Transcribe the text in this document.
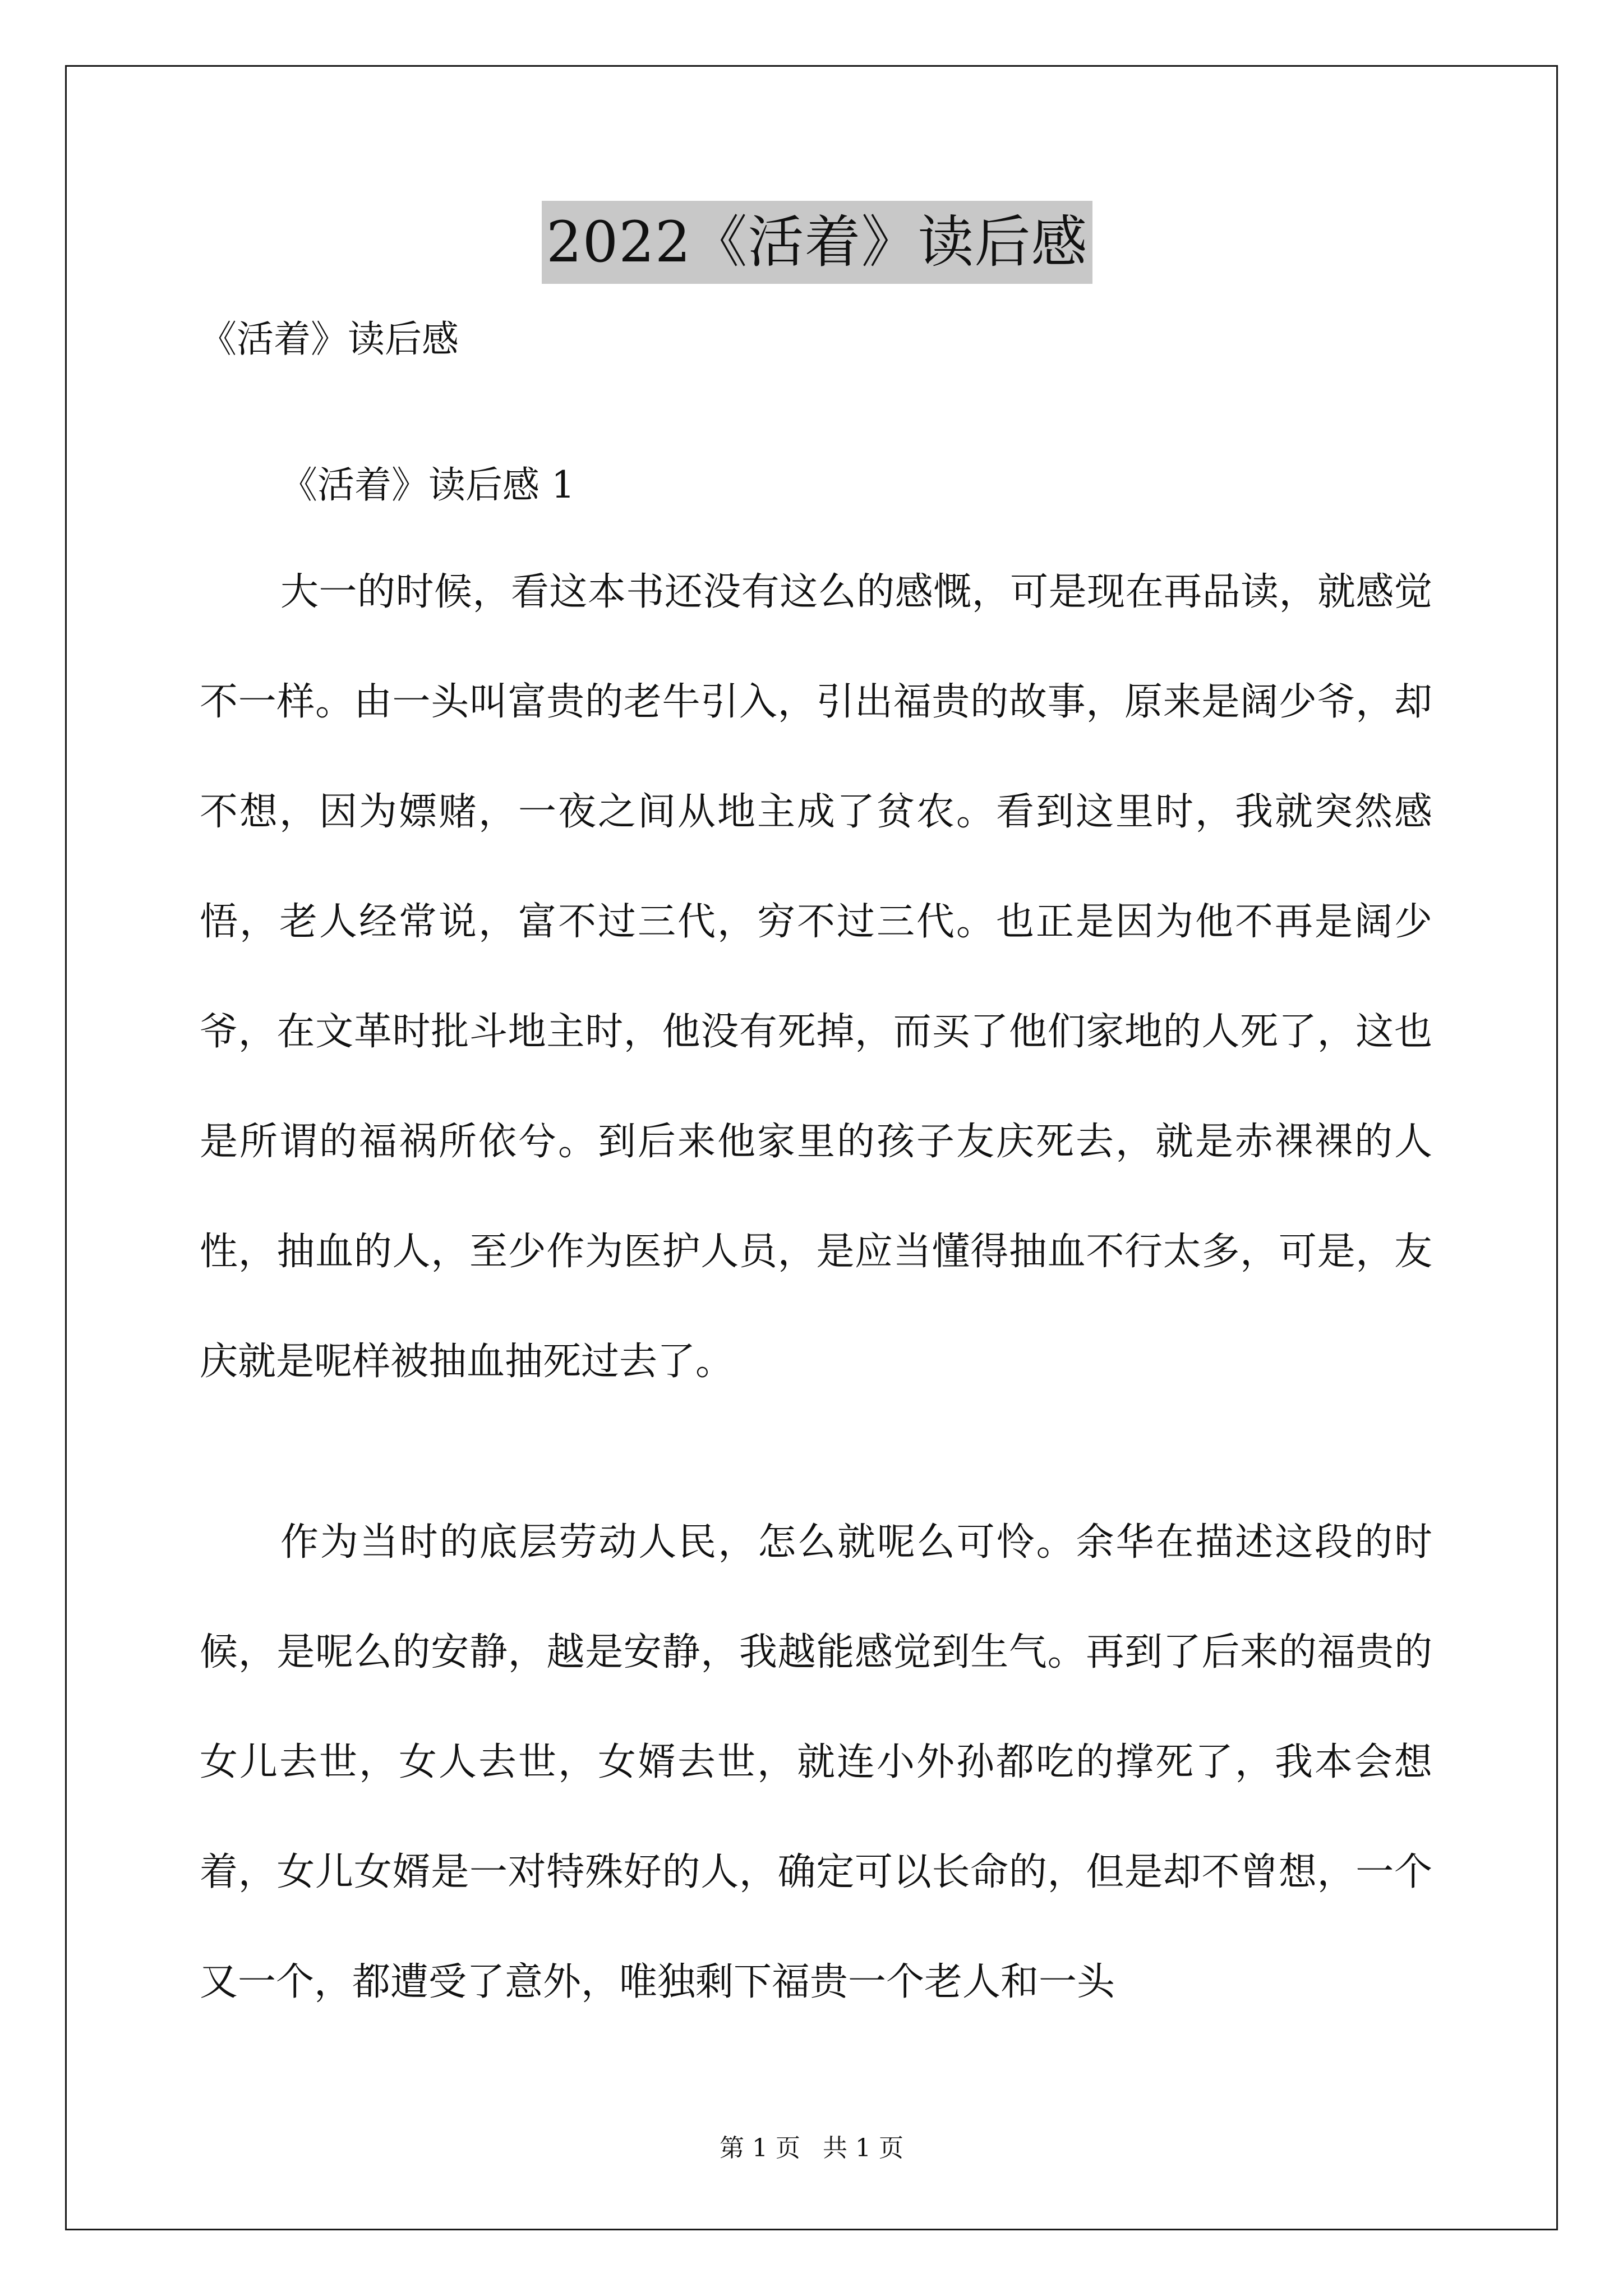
2022《活着》读后感
《活着》读后感
《活着》读后感 1

大一的时候，看这本书还没有这么的感慨，可是现在再品读，就感觉不一样。由一头叫富贵的老牛引入，引出福贵的故事，原来是阔少爷，却不想，因为嫖赌，一夜之间从地主成了贫农。看到这里时，我就突然感悟，老人经常说，富不过三代，穷不过三代。也正是因为他不再是阔少爷，在文革时批斗地主时，他没有死掉，而买了他们家地的人死了，这也是所谓的福祸所依兮。到后来他家里的孩子友庆死去，就是赤裸裸的人性，抽血的人，至少作为医护人员，是应当懂得抽血不行太多，可是，友庆就是呢样被抽血抽死过去了。

作为当时的底层劳动人民，怎么就呢么可怜。余华在描述这段的时候，是呢么的安静，越是安静，我越能感觉到生气。再到了后来的福贵的女儿去世，女人去世，女婿去世，就连小外孙都吃的撑死了，我本会想着，女儿女婿是一对特殊好的人，确定可以长命的，但是却不曾想，一个又一个，都遭受了意外，唯独剩下福贵一个老人和一头

第 1 页 共 1 页
